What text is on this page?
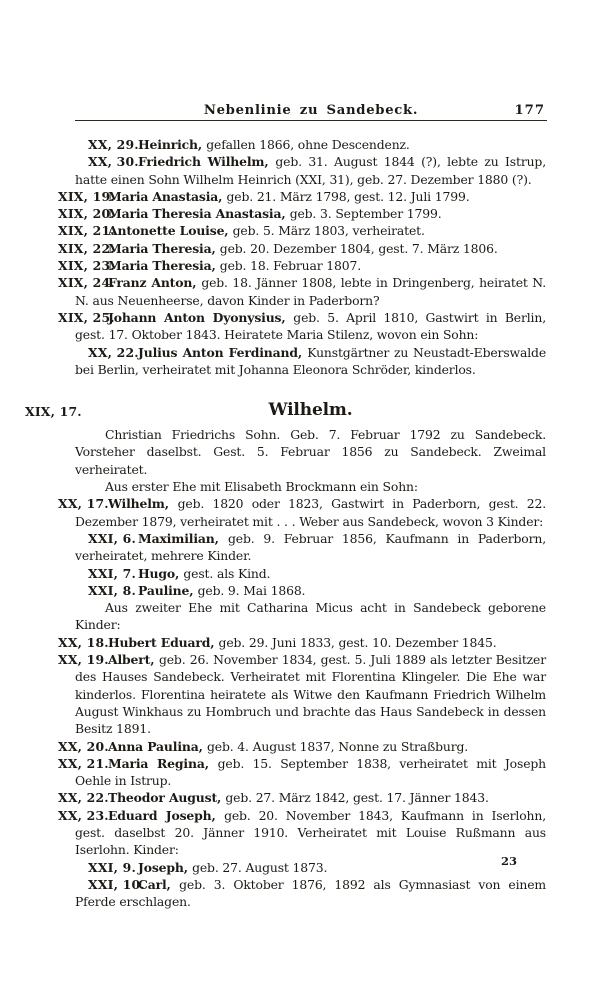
Nebenlinie zu Sandebeck.	177
XX, 29. Heinrich, gefallen 1866, ohne Descendenz.
XX, 30. Friedrich Wilhelm, geb. 31. August 1844 (?), lebte zu Istrup, hatte einen Sohn Wilhelm Heinrich (XXI, 31), geb. 27. Dezember 1880 (?).
XIX, 19.
Maria Anastasia, geb. 21. März 1798, gest. 12. Juli 1799.
XIX, 20.
Maria Theresia Anastasia, geb. 3. September 1799.
XIX, 21.
Antonette Louise, geb. 5. März 1803, verheiratet.
XIX, 22.
Maria Theresia, geb. 20. Dezember 1804, gest. 7. März 1806.
XIX, 23.
Maria Theresia, geb. 18. Februar 1807.
XIX, 24.
Franz Anton, geb. 18. Jänner 1808, lebte in Dringenberg, heiratet N. N. aus Neuenheerse, davon Kinder in Paderborn?
XIX, 25.
Johann Anton Dyonysius, geb. 5. April 1810, Gastwirt in Berlin, gest. 17. Oktober 1843. Heiratete Maria Stilenz, wovon ein Sohn:
XX, 22. Julius Anton Ferdinand, Kunstgärtner zu Neustadt-Eberswalde bei Berlin, verheiratet mit Johanna Eleonora Schröder, kinderlos.
XIX, 17.	Wilhelm.

Christian Friedrichs Sohn. Geb. 7. Februar 1792 zu Sandebeck. Vorsteher daselbst. Gest. 5. Februar 1856 zu Sandebeck. Zweimal verheiratet.

Aus erster Ehe mit Elisabeth Brockmann ein Sohn:

XX, 17. Wilhelm, geb. 1820 oder 1823, Gastwirt in Paderborn, gest. 22. Dezember 1879, verheiratet mit . . . Weber aus Sandebeck, wovon 3 Kinder:
XXI, 6. Maximilian, geb. 9. Februar 1856, Kaufmann in Paderborn, verheiratet, mehrere Kinder.
XXI, 7. Hugo, gest. als Kind.
XXI, 8. Pauline, geb. 9. Mai 1868.

Aus zweiter Ehe mit Catharina Micus acht in Sandebeck geborene Kinder:

XX, 18. Hubert Eduard, geb. 29. Juni 1833, gest. 10. Dezember 1845.
XX, 19. Albert, geb. 26. November 1834, gest. 5. Juli 1889 als letzter Besitzer des Hauses Sandebeck. Verheiratet mit Florentina Klingeler. Die Ehe war kinderlos. Florentina heiratete als Witwe den Kaufmann Friedrich Wilhelm August Winkhaus zu Hombruch und brachte das Haus Sandebeck in dessen Besitz 1891.
XX, 20. Anna Paulina, geb. 4. August 1837, Nonne zu Straßburg.
XX, 21. Maria Regina, geb. 15. September 1838, verheiratet mit Joseph Oehle in Istrup.
XX, 22. Theodor August, geb. 27. März 1842, gest. 17. Jänner 1843.
XX, 23. Eduard Joseph, geb. 20. November 1843, Kaufmann in Iserlohn, gest. daselbst 20. Jänner 1910. Verheiratet mit Louise Rußmann aus Iserlohn. Kinder:
XXI, 9. Joseph, geb. 27. August 1873.
XXI, 10.
Carl, geb. 3. Oktober 1876, 1892 als Gymnasiast von einem Pferde erschlagen.
23
